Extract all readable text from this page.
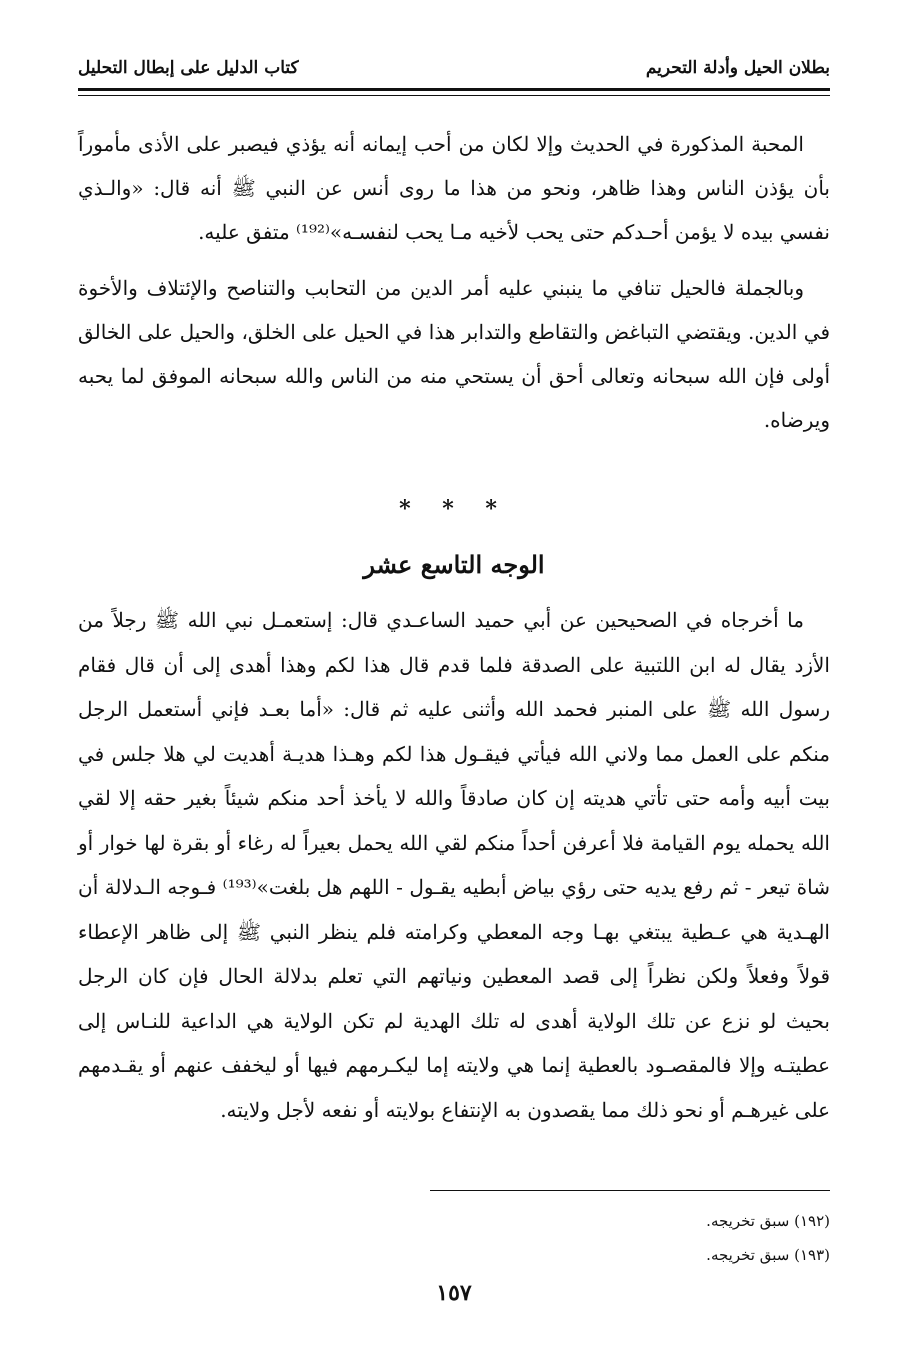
بطلان الحيل وأدلة التحريم
كتاب الدليل على إبطال التحليل

المحبة المذكورة في الحديث وإلا لكان من أحب إيمانه أنه يؤذي فيصبر على الأذى مأموراً بأن يؤذن الناس وهذا ظاهر، ونحو من هذا ما روى أنس عن النبي ﷺ أنه قال: «والـذي نفسي بيده لا يؤمن أحـدكم حتى يحب لأخيه مـا يحب لنفسـه»⁽¹⁹²⁾ متفق عليه.

وبالجملة فالحيل تنافي ما ينبني عليه أمر الدين من التحابب والتناصح والإئتلاف والأخوة في الدين. ويقتضي التباغض والتقاطع والتدابر هذا في الحيل على الخلق، والحيل على الخالق أولى فإن الله سبحانه وتعالى أحق أن يستحي منه من الناس والله سبحانه الموفق لما يحبه ويرضاه.

* * *
الوجه التاسع عشر

ما أخرجاه في الصحيحين عن أبي حميد الساعـدي قال: إستعمـل نبي الله ﷺ رجلاً من الأزد يقال له ابن اللتبية على الصدقة فلما قدم قال هذا لكم وهذا أهدى إلى أن قال فقام رسول الله ﷺ على المنبر فحمد الله وأثنى عليه ثم قال: «أما بعـد فإني أستعمل الرجل منكم على العمل مما ولاني الله فيأتي فيقـول هذا لكم وهـذا هديـة أهديت لي هلا جلس في بيت أبيه وأمه حتى تأتي هديته إن كان صادقاً والله لا يأخذ أحد منكم شيئاً بغير حقه إلا لقي الله يحمله يوم القيامة فلا أعرفن أحداً منكم لقي الله يحمل بعيراً له رغاء أو بقرة لها خوار أو شاة تيعر - ثم رفع يديه حتى رؤي بياض أبطيه يقـول - اللهم هل بلغت»⁽¹⁹³⁾ فـوجه الـدلالة أن الهـدية هي عـطية يبتغي بهـا وجه المعطي وكرامته فلم ينظر النبي ﷺ إلى ظاهر الإعطاء قولاً وفعلاً ولكن نظراً إلى قصد المعطين ونياتهم التي تعلم بدلالة الحال فإن كان الرجل بحيث لو نزع عن تلك الولاية أهدى له تلك الهدية لم تكن الولاية هي الداعية للنـاس إلى عطيتـه وإلا فالمقصـود بالعطية إنما هي ولايته إما ليكـرمهم فيها أو ليخفف عنهم أو يقـدمهم على غيرهـم أو نحو ذلك مما يقصدون به الإنتفاع بولايته أو نفعه لأجل ولايته.

(١٩٢) سبق تخريجه.
(١٩٣) سبق تخريجه.
١٥٧
